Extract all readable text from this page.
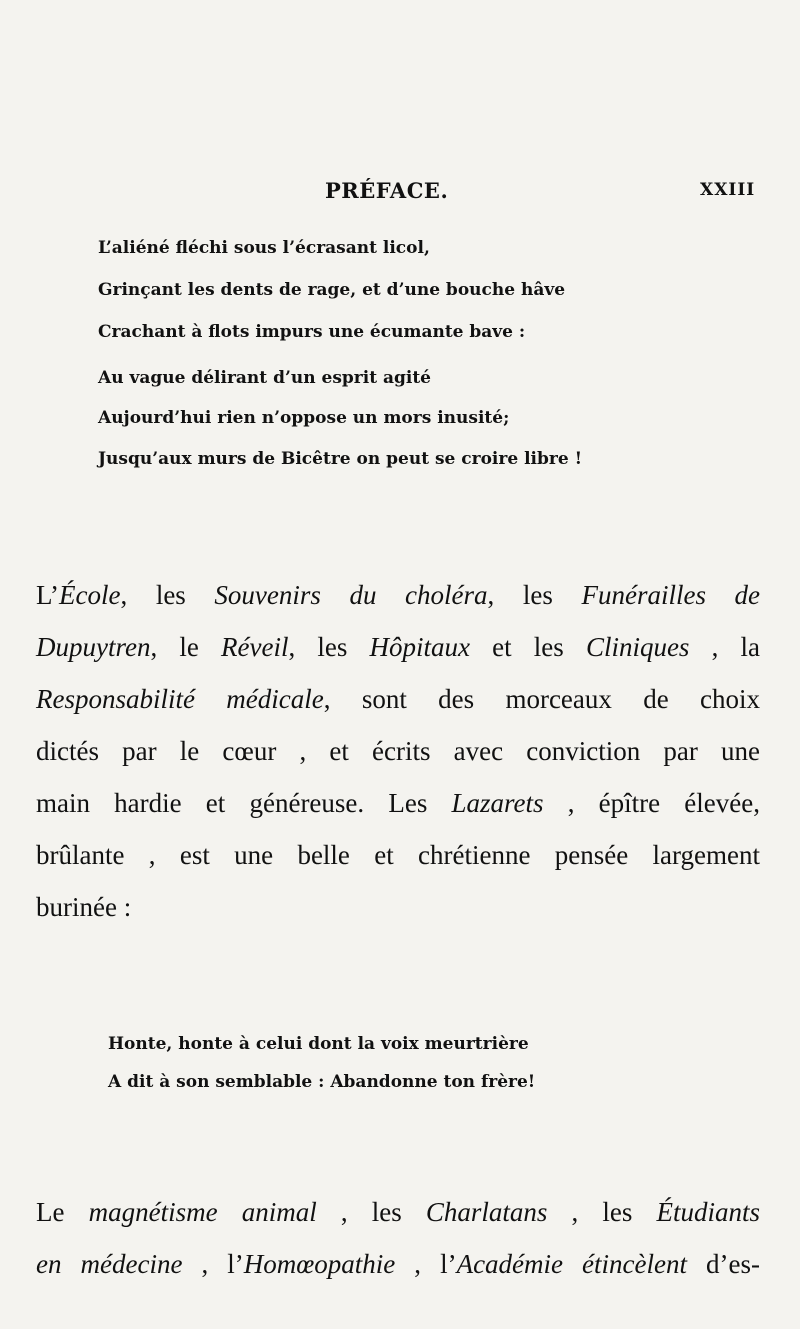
PRÉFACE.	XXIII
L’aliéné fléchi sous l’écrasant licol,
Grinçant les dents de rage, et d’une bouche hâve
Crachant à flots impurs une écumante bave :
Au vague délirant d’un esprit agité
Aujourd’hui rien n’oppose un mors inusité;
Jusqu’aux murs de Bicêtre on peut se croire libre !
L’École, les Souvenirs du choléra, les Funérailles de
Dupuytren, le Réveil, les Hôpitaux et les Cliniques , la
Responsabilité médicale, sont des morceaux de choix
dictés par le cœur , et écrits avec conviction par une
main hardie et généreuse. Les Lazarets , épître élevée,
brûlante , est une belle et chrétienne pensée largement
burinée :
Honte, honte à celui dont la voix meurtrière
A dit à son semblable : Abandonne ton frère!
Le magnétisme animal , les Charlatans , les Étudiants
en médecine , l’Homœopathie , l’Académie étincèlent d’es-
